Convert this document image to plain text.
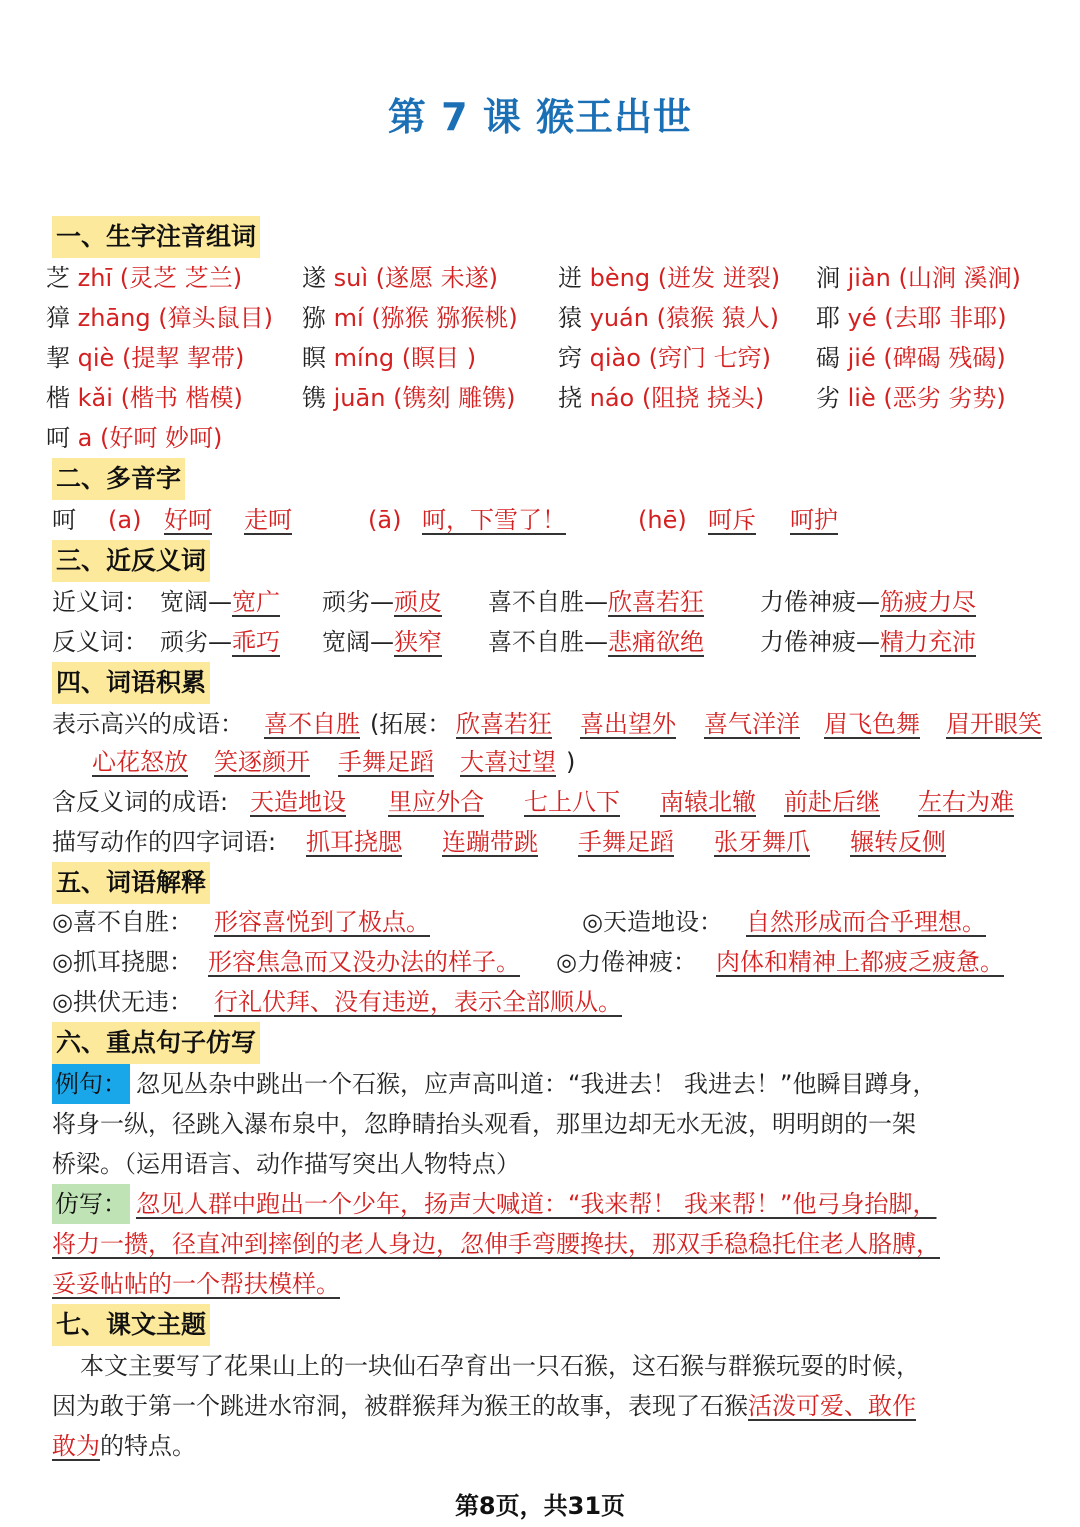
第 7 课 猴王出世
一、生字注音组词
芝 zhī (灵芝 芝兰) 遂 suì (遂愿 未遂) 迸 bèng (迸发 迸裂) 涧 jiàn (山涧 溪涧)
獐 zhāng (獐头鼠目) 猕 mí (猕猴 猕猴桃) 猿 yuán (猿猴 猿人) 耶 yé (去耶 非耶)
挈 qiè (提挈 挈带) 瞑 míng (瞑目 )	窍 qiào (窍门 七窍) 碣 jié (碑碣 残碣)
楷 kǎi (楷书 楷模) 镌 juān (镌刻 雕镌) 挠 náo (阻挠 挠头) 劣 liè (恶劣 劣势)
呵 a (好呵 妙呵)
二、多音字
呵 (a) 好呵 走呵	(ā) 呵，下雪了！	(hē) 呵斥 呵护
三、近反义词
近义词： 宽阔—宽广 顽劣—顽皮 喜不自胜—欣喜若狂 力倦神疲—筋疲力尽
反义词： 顽劣—乖巧 宽阔—狭窄 喜不自胜—悲痛欲绝 力倦神疲—精力充沛
四、词语积累
表示高兴的成语： 喜不自胜 (拓展： 欣喜若狂 喜出望外 喜气洋洋 眉飞色舞 眉开眼笑
心花怒放 笑逐颜开 手舞足蹈 大喜过望 )
含反义词的成语: 天造地设 里应外合 七上八下 南辕北辙 前赴后继 左右为难
描写动作的四字词语: 抓耳挠腮 连蹦带跳 手舞足蹈 张牙舞爪 辗转反侧
五、词语解释
◎喜不自胜： 形容喜悦到了极点。	◎天造地设： 自然形成而合乎理想。
◎抓耳挠腮： 形容焦急而又没办法的样子。 ◎力倦神疲： 肉体和精神上都疲乏疲惫。
◎拱伏无违： 行礼伏拜、没有违逆，表示全部顺从。
六、重点句子仿写
例句： 忽见丛杂中跳出一个石猴，应声高叫道：“我进去！ 我进去！”他瞬目蹲身，
将身一纵，径跳入瀑布泉中，忽睁睛抬头观看，那里边却无水无波，明明朗的一架
桥梁。（运用语言、动作描写突出人物特点）
仿写： 忽见人群中跑出一个少年，扬声大喊道：“我来帮！ 我来帮！”他弓身抬脚，
将力一攒，径直冲到摔倒的老人身边，忽伸手弯腰搀扶，那双手稳稳托住老人胳膊，
妥妥帖帖的一个帮扶模样。
七、课文主题
本文主要写了花果山上的一块仙石孕育出一只石猴，这石猴与群猴玩耍的时候，
因为敢于第一个跳进水帘洞，被群猴拜为猴王的故事，表现了石猴活泼可爱、敢作
敢为的特点。
第8页，共31页
